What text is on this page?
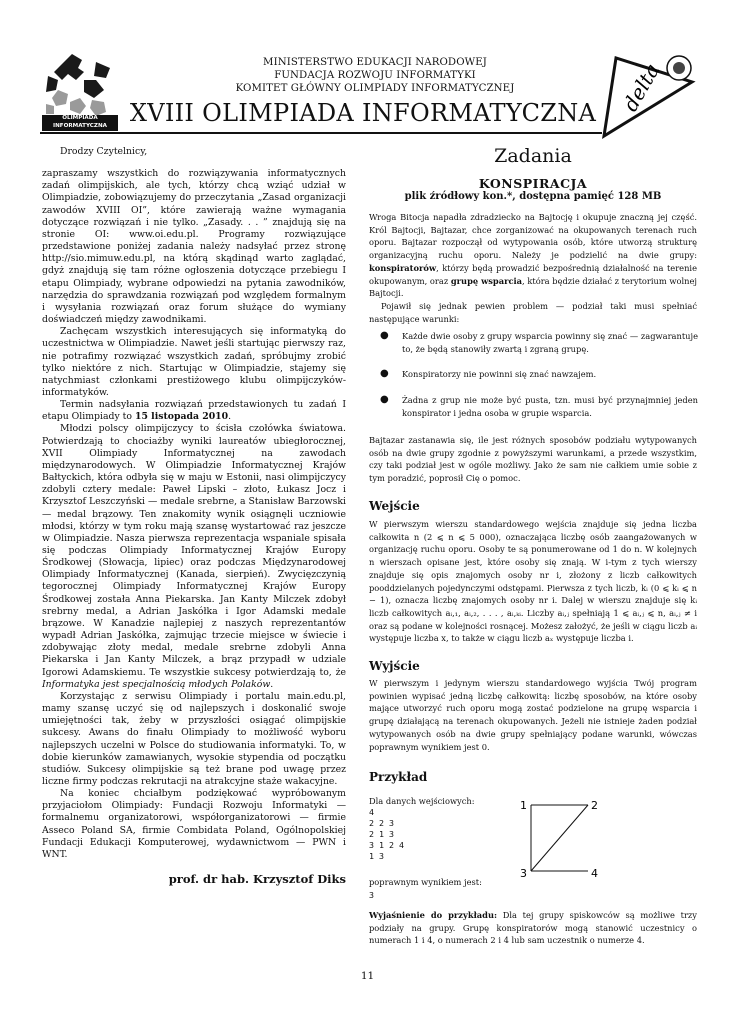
OLIMPIADA
INFORMATYCZNA
MINISTERSTWO EDUKACJI NARODOWEJ
FUNDACJA ROZWOJU INFORMATYKI
KOMITET GŁÓWNY OLIMPIADY INFORMATYCZNEJ
XVIII OLIMPIADA INFORMATYCZNA delta

Drodzy Czytelnicy,

zapraszamy wszystkich do rozwiązywania informatycznych zadań olimpijskich, ale tych, którzy chcą wziąć udział w Olimpiadzie, zobowiązujemy do przeczytania „Zasad organizacji zawodów XVIII OI”, które zawierają ważne wymagania dotyczące rozwiązań i nie tylko. „Zasady. . . ” znajdują się na stronie OI: www.oi.edu.pl. Programy rozwiązujące przedstawione poniżej zadania należy nadsyłać przez stronę http://sio.mimuw.edu.pl, na którą skądinąd warto zaglądać, gdyż znajdują się tam różne ogłoszenia dotyczące przebiegu I etapu Olimpiady, wybrane odpowiedzi na pytania zawodników, narzędzia do sprawdzania rozwiązań pod względem formalnym i wysyłania rozwiązań oraz forum służące do wymiany doświadczeń między zawodnikami.

Zachęcam wszystkich interesujących się informatyką do uczestnictwa w Olimpiadzie. Nawet jeśli startując pierwszy raz, nie potrafimy rozwiązać wszystkich zadań, spróbujmy zrobić tylko niektóre z nich. Startując w Olimpiadzie, stajemy się natychmiast członkami prestiżowego klubu olimpijczyków-informatyków.

Termin nadsyłania rozwiązań przedstawionych tu zadań I etapu Olimpiady to 15 listopada 2010.

Młodzi polscy olimpijczycy to ścisła czołówka światowa. Potwierdzają to chociażby wyniki laureatów ubiegłorocznej, XVII Olimpiady Informatycznej na zawodach międzynarodowych. W Olimpiadzie Informatycznej Krajów Bałtyckich, która odbyła się w maju w Estonii, nasi olimpijczycy zdobyli cztery medale: Paweł Lipski – złoto, Łukasz Jocz i Krzysztof Leszczyński — medale srebrne, a Stanisław Barzowski — medal brązowy. Ten znakomity wynik osiągnęli uczniowie młodsi, którzy w tym roku mają szansę wystartować raz jeszcze w Olimpiadzie. Nasza pierwsza reprezentacja wspaniale spisała się podczas Olimpiady Informatycznej Krajów Europy Środkowej (Słowacja, lipiec) oraz podczas Międzynarodowej Olimpiady Informatycznej (Kanada, sierpień). Zwycięzczynią tegorocznej Olimpiady Informatycznej Krajów Europy Środkowej została Anna Piekarska. Jan Kanty Milczek zdobył srebrny medal, a Adrian Jaskółka i Igor Adamski medale brązowe. W Kanadzie najlepiej z naszych reprezentantów wypadł Adrian Jaskółka, zajmując trzecie miejsce w świecie i zdobywając złoty medal, medale srebrne zdobyli Anna Piekarska i Jan Kanty Milczek, a brąz przypadł w udziale Igorowi Adamskiemu. Te wszystkie sukcesy potwierdzają to, że Informatyka jest specjalnością młodych Polaków.

Korzystając z serwisu Olimpiady i portalu main.edu.pl, mamy szansę uczyć się od najlepszych i doskonalić swoje umiejętności tak, żeby w przyszłości osiągać olimpijskie sukcesy. Awans do finału Olimpiady to możliwość wyboru najlepszych uczelni w Polsce do studiowania informatyki. To, w dobie kierunków zamawianych, wysokie stypendia od początku studiów. Sukcesy olimpijskie są też brane pod uwagę przez liczne firmy podczas rekrutacji na atrakcyjne staże wakacyjne.

Na koniec chciałbym podziękować wypróbowanym przyjaciołom Olimpiady: Fundacji Rozwoju Informatyki — formalnemu organizatorowi, współorganizatorowi — firmie Asseco Poland SA, firmie Combidata Poland, Ogólnopolskiej Fundacji Edukacji Komputerowej, wydawnictwom — PWN i WNT.

prof. dr hab. Krzysztof Diks
Zadania
KONSPIRACJA
plik źródłowy kon.*, dostępna pamięć 128 MB

Wroga Bitocja napadła zdradziecko na Bajtocję i okupuje znaczną jej część. Król Bajtocji, Bajtazar, chce zorganizować na okupowanych terenach ruch oporu. Bajtazar rozpoczął od wytypowania osób, które utworzą strukturę organizacyjną ruchu oporu. Należy je podzielić na dwie grupy: konspiratorów, którzy będą prowadzić bezpośrednią działalność na terenie okupowanym, oraz grupę wsparcia, która będzie działać z terytorium wolnej Bajtocji.

Pojawił się jednak pewien problem — podział taki musi spełniać następujące warunki:

●	Każde dwie osoby z grupy wsparcia powinny się znać — zagwarantuje to, że będą stanowiły zwartą i zgraną grupę.
●	Konspiratorzy nie powinni się znać nawzajem.
●	Żadna z grup nie może być pusta, tzn. musi być przynajmniej jeden konspirator i jedna osoba w grupie wsparcia.

Bajtazar zastanawia się, ile jest różnych sposobów podziału wytypowanych osób na dwie grupy zgodnie z powyższymi warunkami, a przede wszystkim, czy taki podział jest w ogóle możliwy. Jako że sam nie całkiem umie sobie z tym poradzić, poprosił Cię o pomoc.

Wejście

W pierwszym wierszu standardowego wejścia znajduje się jedna liczba całkowita n (2 ⩽ n ⩽ 5 000), oznaczająca liczbę osób zaangażowanych w organizację ruchu oporu. Osoby te są ponumerowane od 1 do n. W kolejnych n wierszach opisane jest, które osoby się znają. W i-tym z tych wierszy znajduje się opis znajomych osoby nr i, złożony z liczb całkowitych pooddzielanych pojedynczymi odstępami. Pierwsza z tych liczb, kᵢ (0 ⩽ kᵢ ⩽ n − 1), oznacza liczbę znajomych osoby nr i. Dalej w wierszu znajduje się kᵢ liczb całkowitych aᵢ,₁, aᵢ,₂, . . . , aᵢ,ₖᵢ. Liczby aᵢ,ⱼ spełniają 1 ⩽ aᵢ,ⱼ ⩽ n, aᵢ,ⱼ ≠ i oraz są podane w kolejności rosnącej. Możesz założyć, że jeśli w ciągu liczb aᵢ występuje liczba x, to także w ciągu liczb aₓ występuje liczba i.

Wyjście

W pierwszym i jedynym wierszu standardowego wyjścia Twój program powinien wypisać jedną liczbę całkowitą: liczbę sposobów, na które osoby mające utworzyć ruch oporu mogą zostać podzielone na grupę wsparcia i grupę działającą na terenach okupowanych. Jeżeli nie istnieje żaden podział wytypowanych osób na dwie grupy spełniający podane warunki, wówczas poprawnym wynikiem jest 0.

Przykład
Dla danych wejściowych:
4
2 2 3
2 1 3
3 1 2 4
1 3
poprawnym wynikiem jest:
3
1	2
3	4

Wyjaśnienie do przykładu: Dla tej grupy spiskowców są możliwe trzy podziały na grupy. Grupę konspiratorów mogą stanowić uczestnicy o numerach 1 i 4, o numerach 2 i 4 lub sam uczestnik o numerze 4.

11
